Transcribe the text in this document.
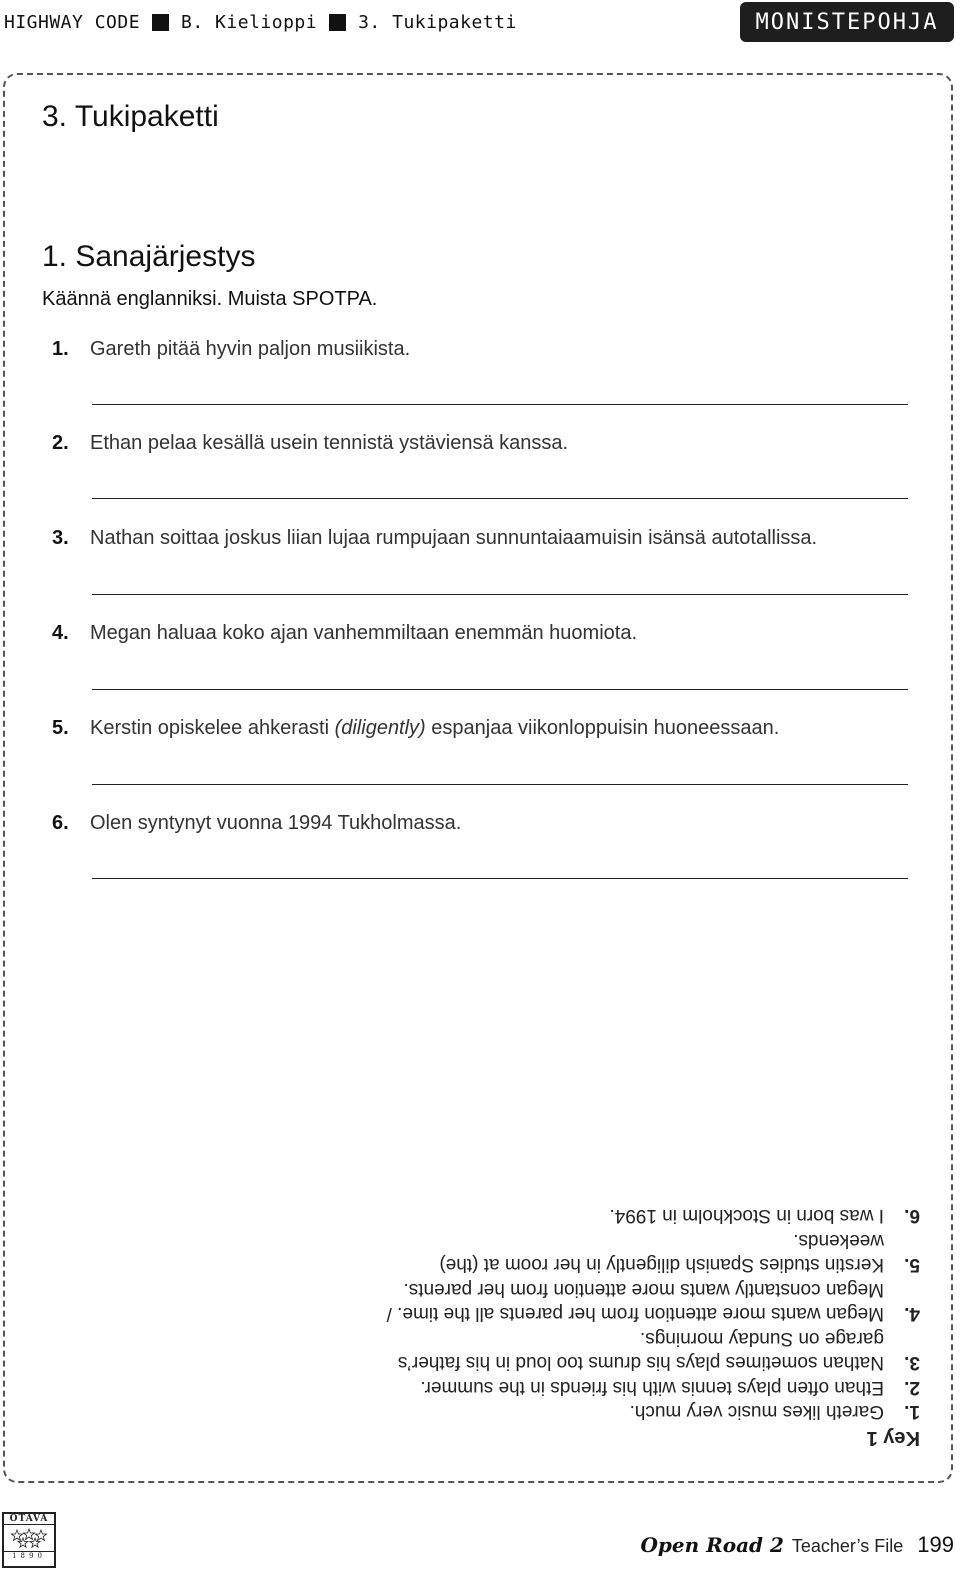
HIGHWAY CODE B. Kielioppi 3. Tukipaketti	MONISTEPOHJA
3. Tukipaketti
1. Sanajärjestys
Käännä englanniksi. Muista SPOTPA.
1. Gareth pitää hyvin paljon musiikista.
2. Ethan pelaa kesällä usein tennistä ystäviensä kanssa.
3. Nathan soittaa joskus liian lujaa rumpujaan sunnuntaiaamuisin isänsä autotallissa.
4. Megan haluaa koko ajan vanhemmiltaan enemmän huomiota.
5. Kerstin opiskelee ahkerasti (diligently) espanjaa viikonloppuisin huoneessaan.
6. Olen syntynyt vuonna 1994 Tukholmassa.
Key 1
1.
Gareth likes music very much.
2.
Ethan often plays tennis with his friends in the summer.
3.
Nathan sometimes plays his drums too loud in his father’s
garage on Sunday mornings.
4.
Megan wants more attention from her parents all the time. /
Megan constantly wants more attention from her parents.
5.
Kerstin studies Spanish diligently in her room at (the)
weekends.
6.
I was born in Stockholm in 1994.
OTAVA
1890	Open Road 2 Teacher’s File 199
